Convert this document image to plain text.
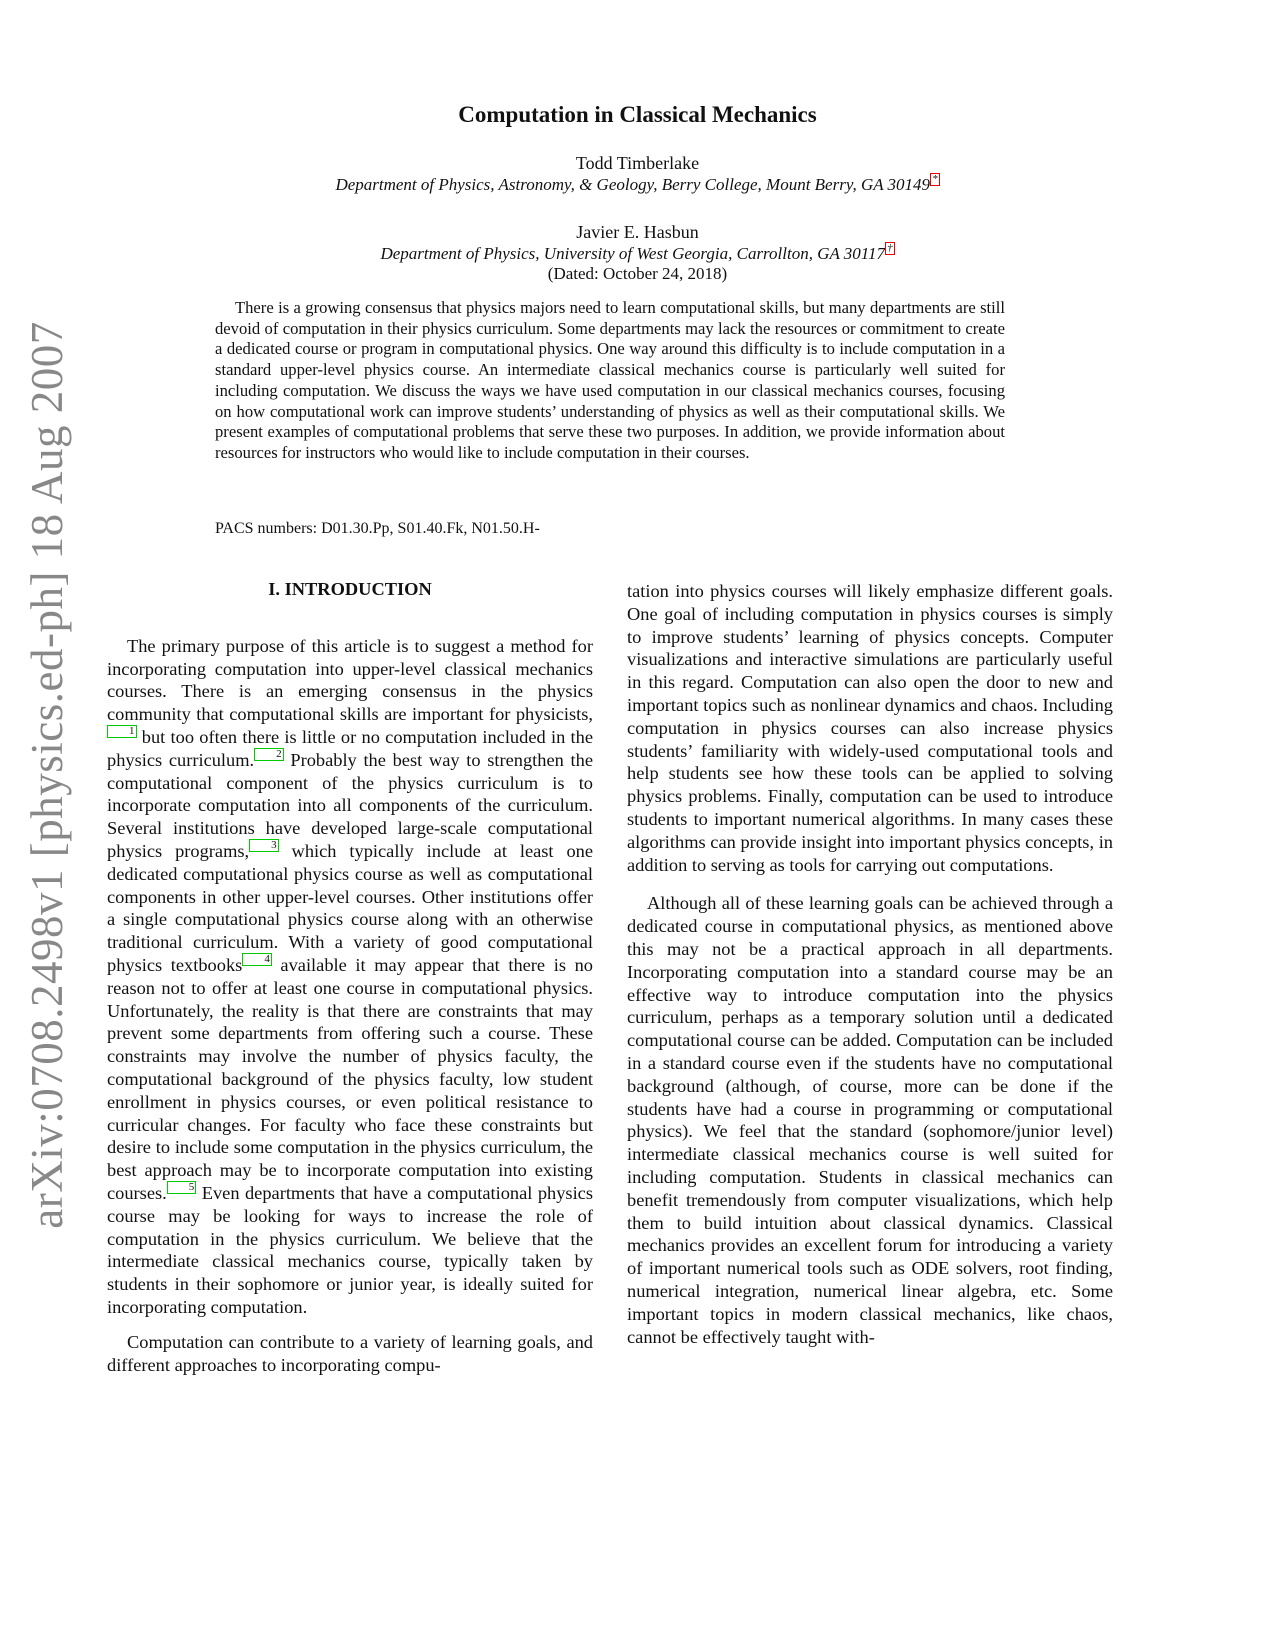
arXiv:0708.2498v1 [physics.ed-ph] 18 Aug 2007
Computation in Classical Mechanics
Todd Timberlake
Department of Physics, Astronomy, & Geology, Berry College, Mount Berry, GA 30149 *
Javier E. Hasbun
Department of Physics, University of West Georgia, Carrollton, GA 30117 †
(Dated: October 24, 2018)
There is a growing consensus that physics majors need to learn computational skills, but many departments are still devoid of computation in their physics curriculum. Some departments may lack the resources or commitment to create a dedicated course or program in computational physics. One way around this difficulty is to include computation in a standard upper-level physics course. An intermediate classical mechanics course is particularly well suited for including computation. We discuss the ways we have used computation in our classical mechanics courses, focusing on how computational work can improve students’ understanding of physics as well as their computational skills. We present examples of computational problems that serve these two purposes. In addition, we provide information about resources for instructors who would like to include computation in their courses.
PACS numbers: D01.30.Pp, S01.40.Fk, N01.50.H-
I. INTRODUCTION

The primary purpose of this article is to suggest a method for incorporating computation into upper-level classical mechanics courses. There is an emerging consensus in the physics community that computational skills are important for physicists,1 but too often there is little or no computation included in the physics curriculum. 2 Probably the best way to strengthen the computational component of the physics curriculum is to incorporate computation into all components of the curriculum. Several institutions have developed large-scale computational physics programs, 3 which typically include at least one dedicated computational physics course as well as computational components in other upper-level courses. Other institutions offer a single computational physics course along with an otherwise traditional curriculum. With a variety of good computational physics textbooks 4 available it may appear that there is no reason not to offer at least one course in computational physics. Unfortunately, the reality is that there are constraints that may prevent some departments from offering such a course. These constraints may involve the number of physics faculty, the computational background of the physics faculty, low student enrollment in physics courses, or even political resistance to curricular changes. For faculty who face these constraints but desire to include some computation in the physics curriculum, the best approach may be to incorporate computation into existing courses. 5 Even departments that have a computational physics course may be looking for ways to increase the role of computation in the physics curriculum. We believe that the intermediate classical mechanics course, typically taken by students in their sophomore or junior year, is ideally suited for incorporating computation.

Computation can contribute to a variety of learning goals, and different approaches to incorporating compu-

tation into physics courses will likely emphasize different goals. One goal of including computation in physics courses is simply to improve students’ learning of physics concepts. Computer visualizations and interactive simulations are particularly useful in this regard. Computation can also open the door to new and important topics such as nonlinear dynamics and chaos. Including computation in physics courses can also increase physics students’ familiarity with widely-used computational tools and help students see how these tools can be applied to solving physics problems. Finally, computation can be used to introduce students to important numerical algorithms. In many cases these algorithms can provide insight into important physics concepts, in addition to serving as tools for carrying out computations.

Although all of these learning goals can be achieved through a dedicated course in computational physics, as mentioned above this may not be a practical approach in all departments. Incorporating computation into a standard course may be an effective way to introduce computation into the physics curriculum, perhaps as a temporary solution until a dedicated computational course can be added. Computation can be included in a standard course even if the students have no computational background (although, of course, more can be done if the students have had a course in programming or computational physics). We feel that the standard (sophomore/junior level) intermediate classical mechanics course is well suited for including computation. Students in classical mechanics can benefit tremendously from computer visualizations, which help them to build intuition about classical dynamics. Classical mechanics provides an excellent forum for introducing a variety of important numerical tools such as ODE solvers, root finding, numerical integration, numerical linear algebra, etc. Some important topics in modern classical mechanics, like chaos, cannot be effectively taught with-
